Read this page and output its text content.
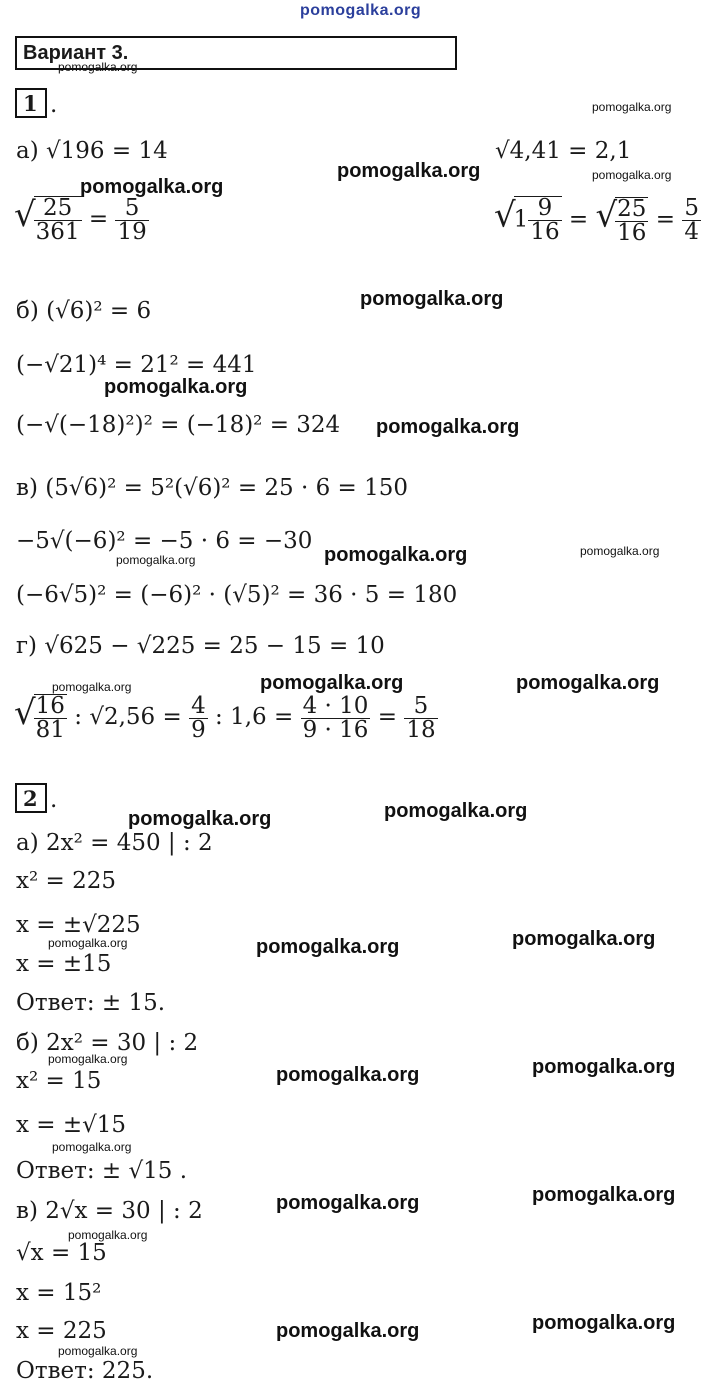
pomogalka.org
Вариант 3.
pomogalka.org
1 .	pomogalka.org
а) √196 = 14	√4,41 = 2,1
pomogalka.org	pomogalka.org
pomogalka.org
√
$\frac{25}{361} = \frac{5}{19}$	$√1 \frac{9}{16}$ = √
$\frac{25}{16} = \frac{5}{4}$
pomogalka.org
б) (√6)² = 6
(−√21)⁴ = 21² = 441
pomogalka.org
(−√(−18)²)² = (−18)² = 324 pomogalka.org
в) (5√6)² = 5²(√6)² = 25 · 6 = 150
−5√(−6)² = −5 · 6 = −30
pomogalka.org	pomogalka.org
pomogalka.org
(−6√5)² = (−6)² · (√5)² = 36 · 5 = 180
г) √625 − √225 = 25 − 15 = 10
pomogalka.org	pomogalka.org	pomogalka.org
√
$\frac{16}{81}$ : $√2,56 = \frac{4}{9}$ : $1,6 = \frac{4 \cdot 10}{9 \cdot 16} = \frac{5}{18}$
2 .	pomogalka.org
pomogalka.org
а) 2x² = 450 | : 2
x² = 225
x = ±√225
pomogalka.org	pomogalka.org
pomogalka.org
x = ±15
Ответ: ± 15.
б) 2x² = 30 | : 2
pomogalka.org	pomogalka.org
pomogalka.org
x² = 15
x = ±√15
pomogalka.org
Ответ: ± √15 .
pomogalka.org
pomogalka.org
в) 2√x = 30 | : 2
pomogalka.org
√x = 15
x = 15²
pomogalka.org
pomogalka.org
x = 225
pomogalka.org
Ответ: 225.
